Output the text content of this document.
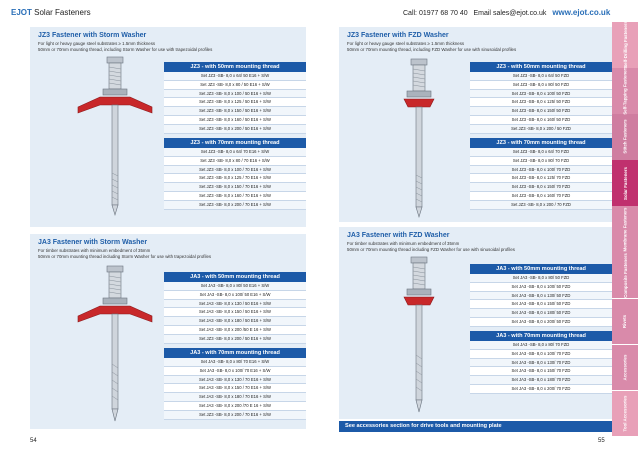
EJOT Solar Fasteners	Call: 01977 68 70 40 Email sales@ejot.co.uk www.ejot.co.uk
JZ3 Fastener with Storm Washer
For light or heavy gauge steel substrates ≥ 1.5mm thickness
50mm or 70mm mounting thread, including Storm Washer for use with trapezoidal profiles
JZ3 - with 50mm mounting thread
Set JZ3 -SB- 8,0 x 64/ 50 E16 + S/W
Set JZ3 -SB- 8,0 x 80 / 50 E16 + S/W
Set JZ3 -SB- 8,0 x 100 / 50 E16 + S/W
Set JZ3 -SB- 8,0 x 125 / 50 E16 + S/W
Set JZ3 -SB- 8,0 x 150 / 50 E16 + S/W
Set JZ3 -SB- 8,0 x 160 / 50 E16 + S/W
Set JZ3 -SB- 8,0 x 200 / 50 E16 + S/W
JZ3 - with 70mm mounting thread
Set JZ3 -SB- 8,0 x 64/ 70 E16 + S/W
Set JZ3 -SB- 8,0 x 80 / 70 E16 + S/W
Set JZ3 -SB- 8,0 x 100 / 70 E16 + S/W
Set JZ3 -SB- 8,0 x 125 / 70 E16 + S/W
Set JZ3 -SB- 8,0 x 150 / 70 E16 + S/W
Set JZ3 -SB- 8,0 x 160 / 70 E16 + S/W
Set JZ3 -SB- 8,0 x 200 / 70 E16 + S/W
JA3 Fastener with Storm Washer
For timber substrates with minimum embedment of 35mm
50mm or 70mm mounting thread including Storm Washer for use with trapezoidal profiles
JA3 - with 50mm mounting thread
Set JA3 -SB- 8,0 x 80/ 50 E16 + S/W
Set JA3 -SB- 8,0 x 100/ 50 E16 + S/W
Set JA3 -SB- 8,0 x 130 / 50 E16 + S/W
Set JA3 -SB- 8,0 x 150 / 50 E16 + S/W
Set JA3 -SB- 8,0 x 180 / 50 E16 + S/W
Set JA3 -SB- 8,0 x 200 /50 E 16 + S/W
Set JZ3 -SB- 8,0 x 200 / 50 E16 + S/W
JA3 - with 70mm mounting thread
Set JA3 -SB- 8,0 x 80/ 70 E16 + S/W
Set JA3 -SB- 8,0 x 100/ 70 E16 + S/W
Set JA3 -SB- 8,0 x 130 / 70 E16 + S/W
Set JA3 -SB- 8,0 x 150 / 70 E16 + S/W
Set JA3 -SB- 8,0 x 180 / 70 E16 + S/W
Set JA3 -SB- 8,0 x 200 /70 E 16 + S/W
Set JZ3 -SB- 8,0 x 200 / 70 E16 + S/W
JZ3 Fastener with FZD Washer
For light or heavy gauge steel substrates ≥ 1.5mm thickness
50mm or 70mm mounting thread, including FZD Washer for use with sinusoidal profiles
JZ3 - with 50mm mounting thread
Set JZ3 -SB- 8,0 x 64/ 50 FZD
Set JZ3 -SB- 8,0 x 80/ 50 FZD
Set JZ3 -SB- 8,0 x 100/ 50 FZD
Set JZ3 -SB- 8,0 x 125/ 50 FZD
Set JZ3 -SB- 8,0 x 150/ 50 FZD
Set JZ3 -SB- 8,0 x 160/ 50 FZD
Set JZ3 -SB- 8,0 x 200 / 50 FZD
JZ3 - with 70mm mounting thread
Set JZ3 -SB- 8,0 x 64/ 70 FZD
Set JZ3 -SB- 8,0 x 80/ 70 FZD
Set JZ3 -SB- 8,0 x 100/ 70 FZD
Set JZ3 -SB- 8,0 x 125/ 70 FZD
Set JZ3 -SB- 8,0 x 150/ 70 FZD
Set JZ3 -SB- 8,0 x 160/ 70 FZD
Set JZ3 -SB- 8,0 x 200 / 70 FZD
JA3 Fastener with FZD Washer
For timber substrates with minimum embedment of 35mm
50mm or 70mm mounting thread including FZD Washer for use with sinusoidal profiles
JA3 - with 50mm mounting thread
Set JA3 -SB- 8,0 x 80/ 50 FZD
Set JA3 -SB- 8,0 x 100/ 50 FZD
Set JA3 -SB- 8,0 x 130/ 50 FZD
Set JA3 -SB- 8,0 x 150/ 50 FZD
Set JA3 -SB- 8,0 x 180/ 50 FZD
Set JA3 -SB- 8,0 x 200/ 50 FZD
JA3 - with 70mm mounting thread
Set JA3 -SB- 8,0 x 80/ 70 FZD
Set JA3 -SB- 8,0 x 100/ 70 FZD
Set JA3 -SB- 8,0 x 130/ 70 FZD
Set JA3 -SB- 8,0 x 150/ 70 FZD
Set JA3 -SB- 8,0 x 180/ 70 FZD
Set JA3 -SB- 8,0 x 200/ 70 FZD
Self-Drilling Fasteners
Self-Tapping Fasteners
Stitch Fasteners
Solar Fasteners
Membrane Fasteners
Composite Fasteners
Rivets
Accessories
Tool Accessories
See accessories section for drive tools and mounting plate
54	55
